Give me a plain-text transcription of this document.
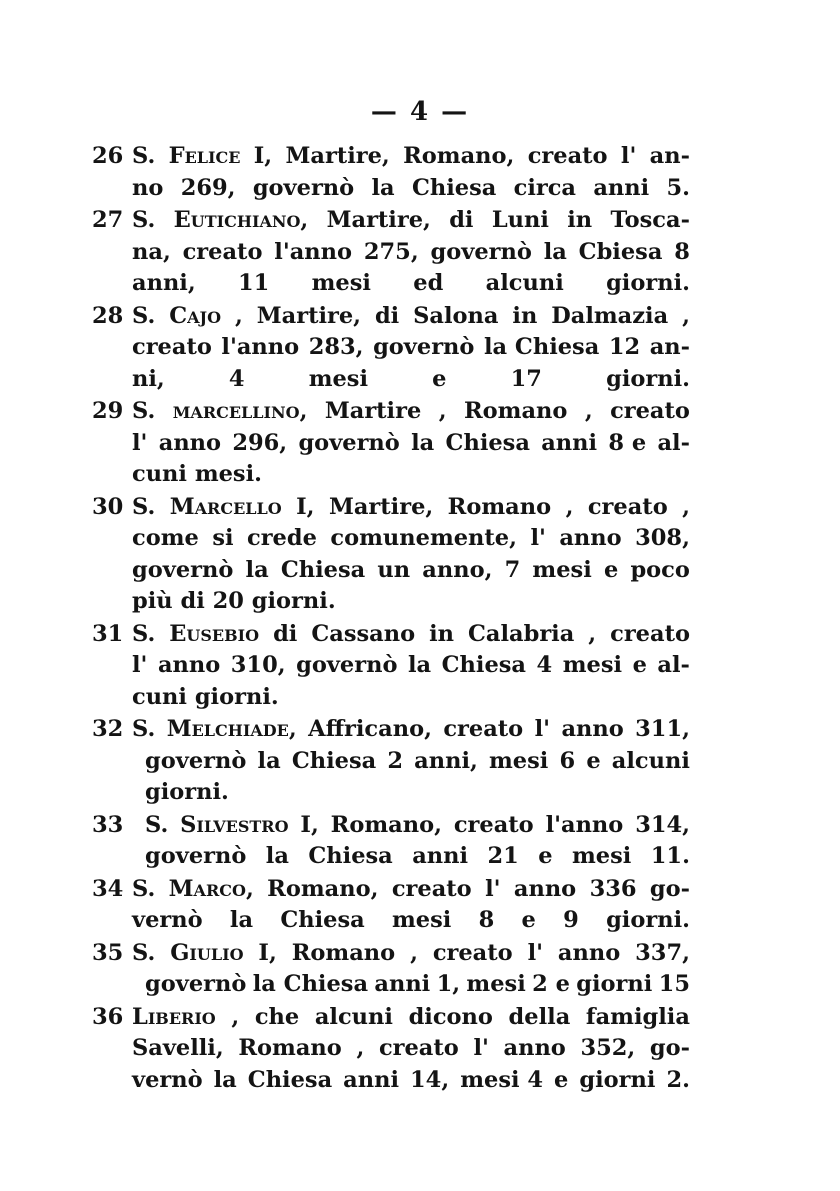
— 4 —
26 S. Felice I, Martire, Romano, creato l' an-
no 269, governò la Chiesa circa anni 5.
27 S. Eutichiano, Martire, di Luni in Tosca-
na, creato l'anno 275, governò la Cbiesa 8
anni, 11 mesi ed alcuni giorni.
28 S. Cajo , Martire, di Salona in Dalmazia ,
creato l'anno 283, governò la Chiesa 12 an-
ni,	4	mesi	e	17	giorni.
29 S. marcellino, Martire , Romano , creato
l' anno 296, governò la Chiesa anni 8 e al-
cuni
mesi.
30 S. Marcello I, Martire, Romano , creato ,
come si crede comunemente, l' anno 308,
governò la Chiesa un anno, 7 mesi e poco
più
di
20
giorni.
31 S. Eusebio di Cassano in Calabria , creato
l' anno 310, governò la Chiesa 4 mesi e al-
cuni
giorni.
32 S. Melchiade, Affricano, creato l' anno 311,
governò la Chiesa 2 anni, mesi 6 e alcuni
giorni.
33 S. Silvestro I, Romano, creato l'anno 314,
governò la Chiesa anni 21 e mesi 11.
34 S. Marco, Romano, creato l' anno 336 go-
vernò la Chiesa mesi 8 e 9 giorni.
35 S. Giulio I, Romano , creato l' anno 337,
governò la Chiesa anni 1, mesi 2 e giorni 15
36 Liberio , che alcuni dicono della famiglia
Savelli, Romano , creato l' anno 352, go-
vernò la Chiesa anni 14, mesi 4 e giorni 2.
